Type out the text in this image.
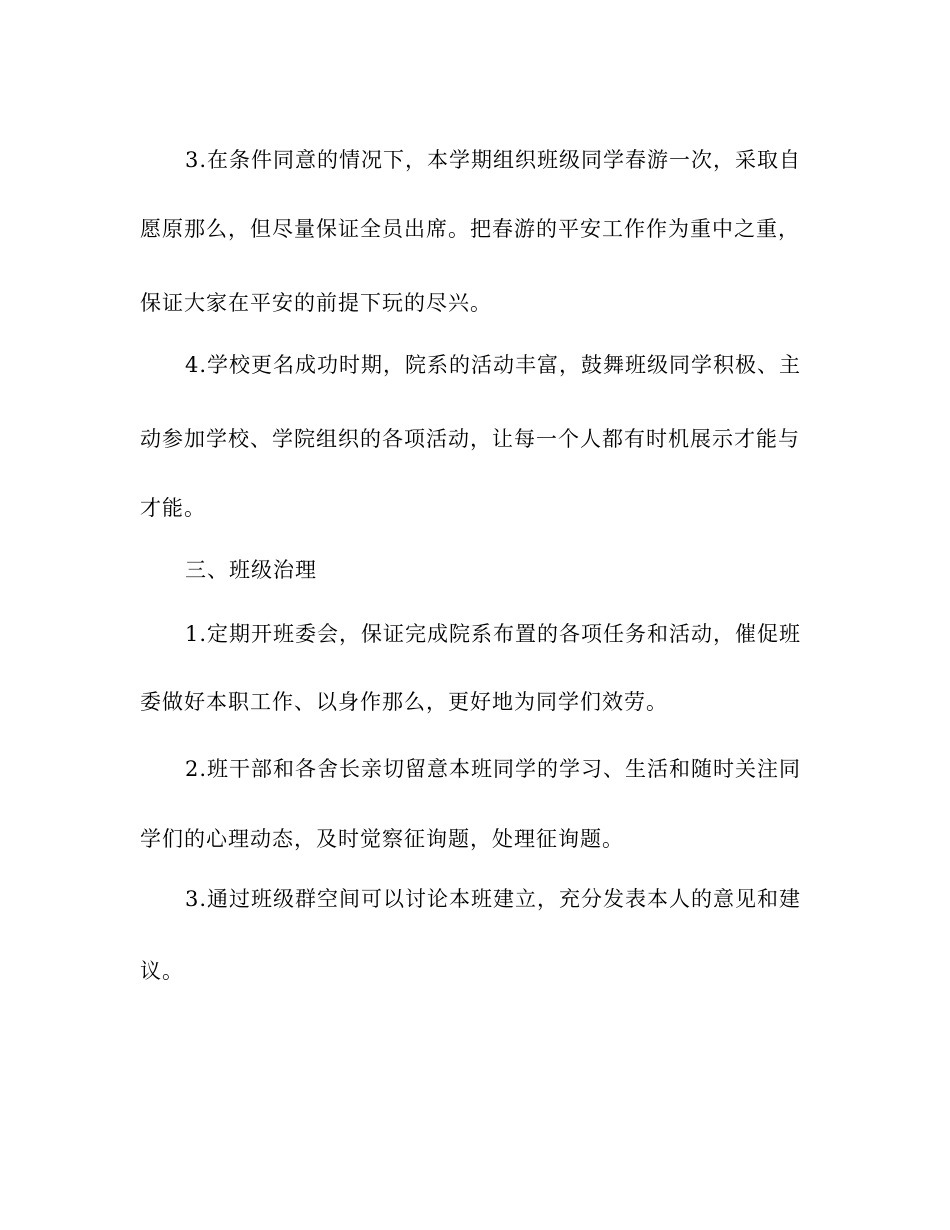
3.在条件同意的情况下，本学期组织班级同学春游一次，采取自
愿原那么，但尽量保证全员出席。把春游的平安工作作为重中之重，
保证大家在平安的前提下玩的尽兴。
4.学校更名成功时期，院系的活动丰富，鼓舞班级同学积极、主
动参加学校、学院组织的各项活动，让每一个人都有时机展示才能与
才能。
三、班级治理
1.定期开班委会，保证完成院系布置的各项任务和活动，催促班
委做好本职工作、以身作那么，更好地为同学们效劳。
2.班干部和各舍长亲切留意本班同学的学习、生活和随时关注同
学们的心理动态，及时觉察征询题，处理征询题。
3.通过班级群空间可以讨论本班建立，充分发表本人的意见和建
议。
